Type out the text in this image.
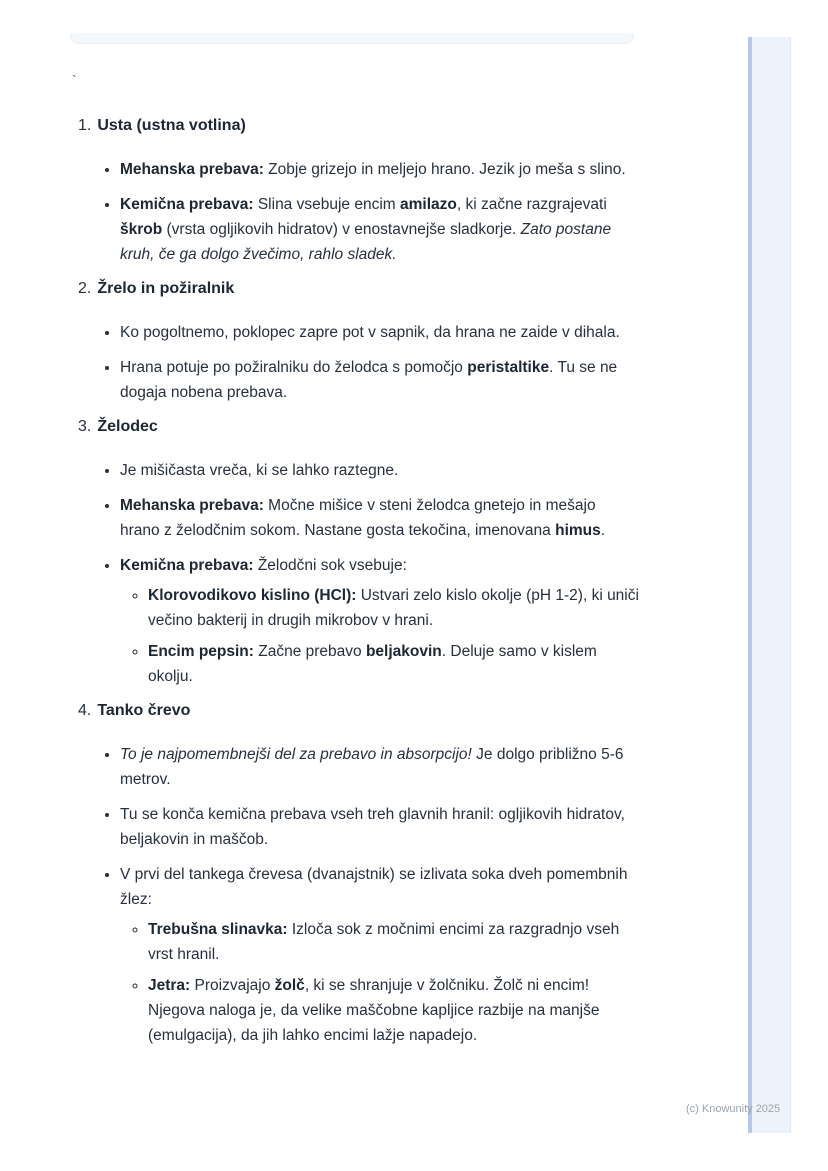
`
1. Usta (ustna votlina)
• Mehanska prebava: Zobje grizejo in meljejo hrano. Jezik jo meša s slino.
• Kemična prebava: Slina vsebuje encim amilazo, ki začne razgrajevati škrob (vrsta ogljikovih hidratov) v enostavnejše sladkorje. Zato postane kruh, če ga dolgo žvečimo, rahlo sladek.
2. Žrelo in požiralnik
• Ko pogoltnemo, poklopec zapre pot v sapnik, da hrana ne zaide v dihala.
• Hrana potuje po požiralniku do želodca s pomočjo peristaltike. Tu se ne dogaja nobena prebava.
3. Želodec
• Je mišičasta vreča, ki se lahko raztegne.
• Mehanska prebava: Močne mišice v steni želodca gnetejo in mešajo hrano z želodčnim sokom. Nastane gosta tekočina, imenovana himus.
• Kemična prebava: Želodčni sok vsebuje:
◦ Klorovodikovo kislino (HCl): Ustvari zelo kislo okolje (pH 1-2), ki uniči večino bakterij in drugih mikrobov v hrani.
◦ Encim pepsin: Začne prebavo beljakovin. Deluje samo v kislem okolju.
4. Tanko črevo
• To je najpomembnejši del za prebavo in absorpcijo! Je dolgo približno 5-6 metrov.
• Tu se konča kemična prebava vseh treh glavnih hranil: ogljikovih hidratov, beljakovin in maščob.
• V prvi del tankega črevesa (dvanajstnik) se izlivata soka dveh pomembnih žlez:
◦ Trebušna slinavka: Izloča sok z močnimi encimi za razgradnjo vseh vrst hranil.
◦ Jetra: Proizvajajo žolč, ki se shranjuje v žolčniku. Žolč ni encim! Njegova naloga je, da velike maščobne kapljice razbije na manjše (emulgacija), da jih lahko encimi lažje napadejo.
(c) Knowunity 2025
